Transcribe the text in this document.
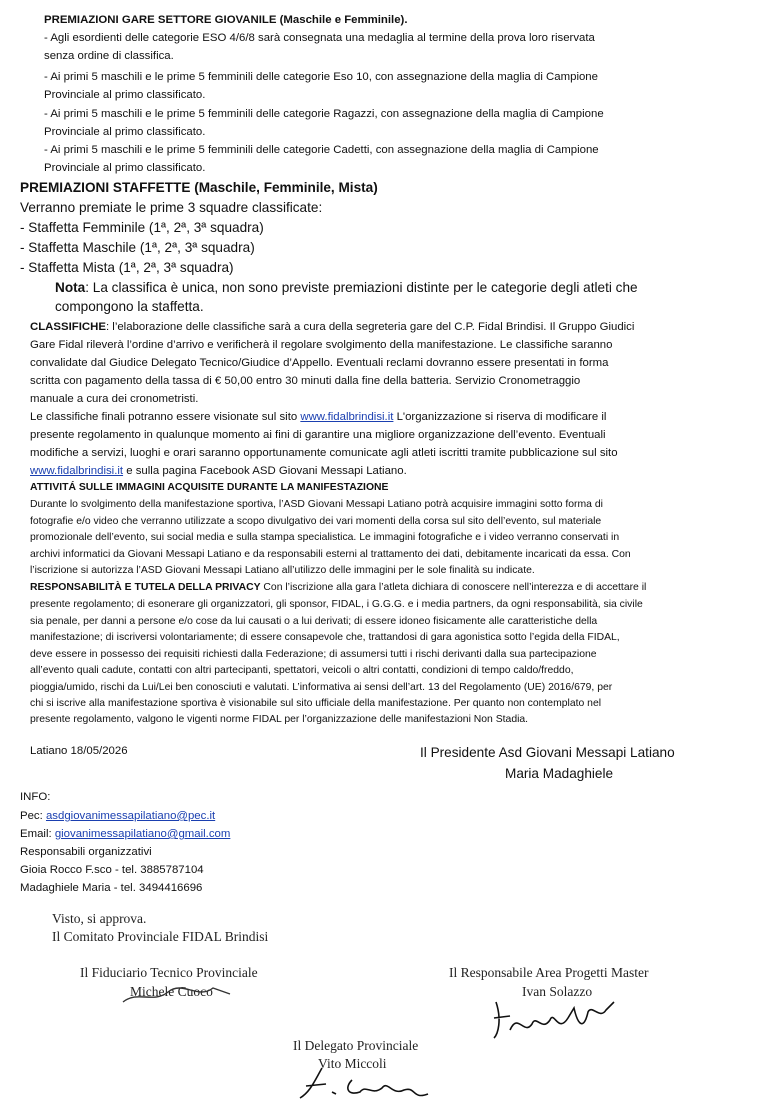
PREMIAZIONI GARE SETTORE GIOVANILE (Maschile e Femminile).
- Agli esordienti delle categorie ESO 4/6/8 sarà consegnata una medaglia al termine della prova loro riservata
senza ordine di classifica.
- Ai primi 5 maschili e le prime 5 femminili delle categorie Eso 10, con assegnazione della maglia di Campione
Provinciale al primo classificato.
- Ai primi 5 maschili e le prime 5 femminili delle categorie Ragazzi, con assegnazione della maglia di Campione
Provinciale al primo classificato.
- Ai primi 5 maschili e le prime 5 femminili delle categorie Cadetti, con assegnazione della maglia di Campione
Provinciale al primo classificato.
PREMIAZIONI STAFFETTE (Maschile, Femminile, Mista)
Verranno premiate le prime 3 squadre classificate:
- Staffetta Femminile (1ª, 2ª, 3ª squadra)
- Staffetta Maschile (1ª, 2ª, 3ª squadra)
- Staffetta Mista (1ª, 2ª, 3ª squadra)
Nota: La classifica è unica, non sono previste premiazioni distinte per le categorie degli atleti che
compongono la staffetta.
CLASSIFICHE: l’elaborazione delle classifiche sarà a cura della segreteria gare del C.P. Fidal Brindisi. Il Gruppo Giudici
Gare Fidal rileverà l’ordine d’arrivo e verificherà il regolare svolgimento della manifestazione. Le classifiche saranno
convalidate dal Giudice Delegato Tecnico/Giudice d’Appello. Eventuali reclami dovranno essere presentati in forma
scritta con pagamento della tassa di € 50,00 entro 30 minuti dalla fine della batteria. Servizio Cronometraggio
manuale a cura dei cronometristi.
Le classifiche finali potranno essere visionate sul sito www.fidalbrindisi.it L'organizzazione si riserva di modificare il
presente regolamento in qualunque momento ai fini di garantire una migliore organizzazione dell’evento. Eventuali
modifiche a servizi, luoghi e orari saranno opportunamente comunicate agli atleti iscritti tramite pubblicazione sul sito
www.fidalbrindisi.it e sulla pagina Facebook ASD Giovani Messapi Latiano.
ATTIVITÁ SULLE IMMAGINI ACQUISITE DURANTE LA MANIFESTAZIONE
Durante lo svolgimento della manifestazione sportiva, l’ASD Giovani Messapi Latiano potrà acquisire immagini sotto forma di
fotografie e/o video che verranno utilizzate a scopo divulgativo dei vari momenti della corsa sul sito dell’evento, sul materiale
promozionale dell’evento, sui social media e sulla stampa specialistica. Le immagini fotografiche e i video verranno conservati in
archivi informatici da Giovani Messapi Latiano e da responsabili esterni al trattamento dei dati, debitamente incaricati da essa. Con
l’iscrizione si autorizza l’ASD Giovani Messapi Latiano all’utilizzo delle immagini per le sole finalità su indicate.
RESPONSABILITÀ E TUTELA DELLA PRIVACY Con l’iscrizione alla gara l’atleta dichiara di conoscere nell’interezza e di accettare il
presente regolamento; di esonerare gli organizzatori, gli sponsor, FIDAL, i G.G.G. e i media partners, da ogni responsabilità, sia civile
sia penale, per danni a persone e/o cose da lui causati o a lui derivati; di essere idoneo fisicamente alle caratteristiche della
manifestazione; di iscriversi volontariamente; di essere consapevole che, trattandosi di gara agonistica sotto l’egida della FIDAL,
deve essere in possesso dei requisiti richiesti dalla Federazione; di assumersi tutti i rischi derivanti dalla sua partecipazione
all’evento quali cadute, contatti con altri partecipanti, spettatori, veicoli o altri contatti, condizioni di tempo caldo/freddo,
pioggia/umido, rischi da Lui/Lei ben conosciuti e valutati. L’informativa ai sensi dell’art. 13 del Regolamento (UE) 2016/679, per
chi si iscrive alla manifestazione sportiva è visionabile sul sito ufficiale della manifestazione. Per quanto non contemplato nel
presente regolamento, valgono le vigenti norme FIDAL per l’organizzazione delle manifestazioni Non Stadia.
Latiano 18/05/2026	Il Presidente Asd Giovani Messapi Latiano
Maria Madaghiele
INFO:
Pec: asdgiovanimessapilatiano@pec.it
Email: giovanimessapilatiano@gmail.com
Responsabili organizzativi
Gioia Rocco F.sco - tel. 3885787104
Madaghiele Maria - tel. 3494416696
Visto, si approva.
Il Comitato Provinciale FIDAL Brindisi
Il Fiduciario Tecnico Provinciale
Michele Cuoco
Il Responsabile Area Progetti Master
Ivan Solazzo
Il Delegato Provinciale
Vito Miccoli
